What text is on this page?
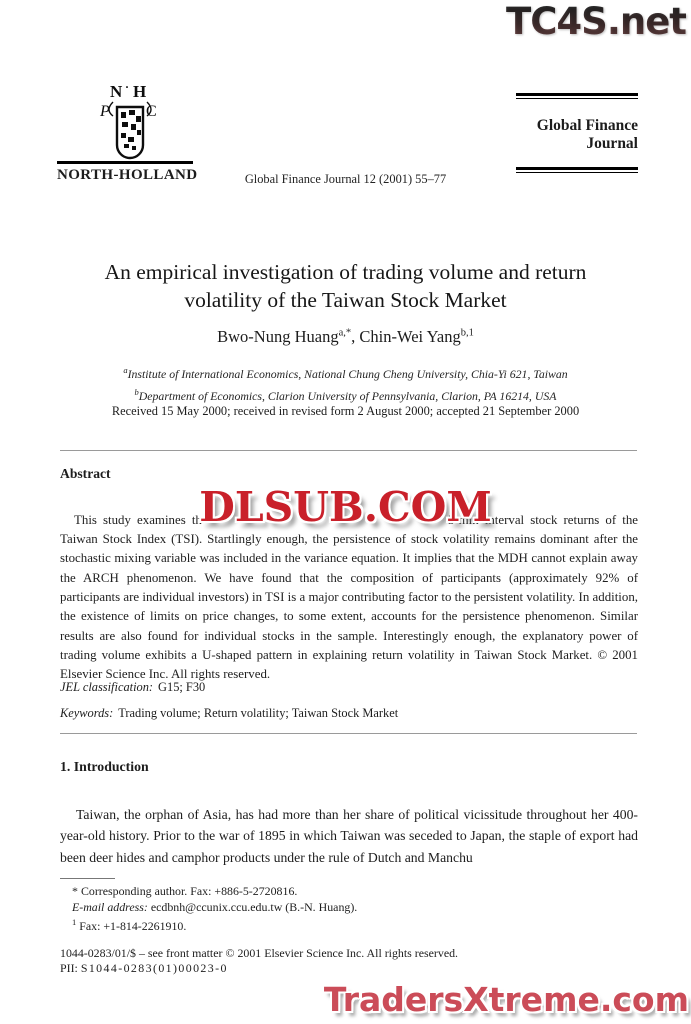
TC4S.net
N · H
P C
NORTH-HOLLAND	Global Finance Journal 12 (2001) 55–77
Global Finance
Journal
An empirical investigation of trading volume and return
volatility of the Taiwan Stock Market
Bwo-Nung Huang$^{a,*}$, Chin-Wei Yang$^{b,1}$
$^a$Institute of International Economics, National Chung Cheng University, Chia-Yi 621, Taiwan
$^b$Department of Economics, Clarion University of Pennsylvania, Clarion, PA 16214, USA
Received 15 May 2000; received in revised form 2 August 2000; accepted 21 September 2000
Abstract

This study examines th	5-min interval stock returns of the Taiwan Stock Index (TSI). Startlingly enough, the persistence of stock volatility remains dominant after the stochastic mixing variable was included in the variance equation. It implies that the MDH cannot explain away the ARCH phenomenon. We have found that the composition of participants (approximately 92% of participants are individual investors) in TSI is a major contributing factor to the persistent volatility. In addition, the existence of limits on price changes, to some extent, accounts for the persistence phenomenon. Similar results are also found for individual stocks in the sample. Interestingly enough, the explanatory power of trading volume exhibits a U-shaped pattern in explaining return volatility in Taiwan Stock Market. © 2001 Elsevier Science Inc. All rights reserved.

JEL classification: G15; F30
Keywords: Trading volume; Return volatility; Taiwan Stock Market
1. Introduction

Taiwan, the orphan of Asia, has had more than her share of political vicissitude throughout her 400-year-old history. Prior to the war of 1895 in which Taiwan was seceded to Japan, the staple of export had been deer hides and camphor products under the rule of Dutch and Manchu

* Corresponding author. Fax: +886-5-2720816.
E-mail address: ecdbnh@ccunix.ccu.edu.tw (B.-N. Huang).
$^1$ Fax: +1-814-2261910.
1044-0283/01/$ – see front matter © 2001 Elsevier Science Inc. All rights reserved.
PII: S1044-0283(01)00023-0
DLSUB.COM
TradersXtreme.com
